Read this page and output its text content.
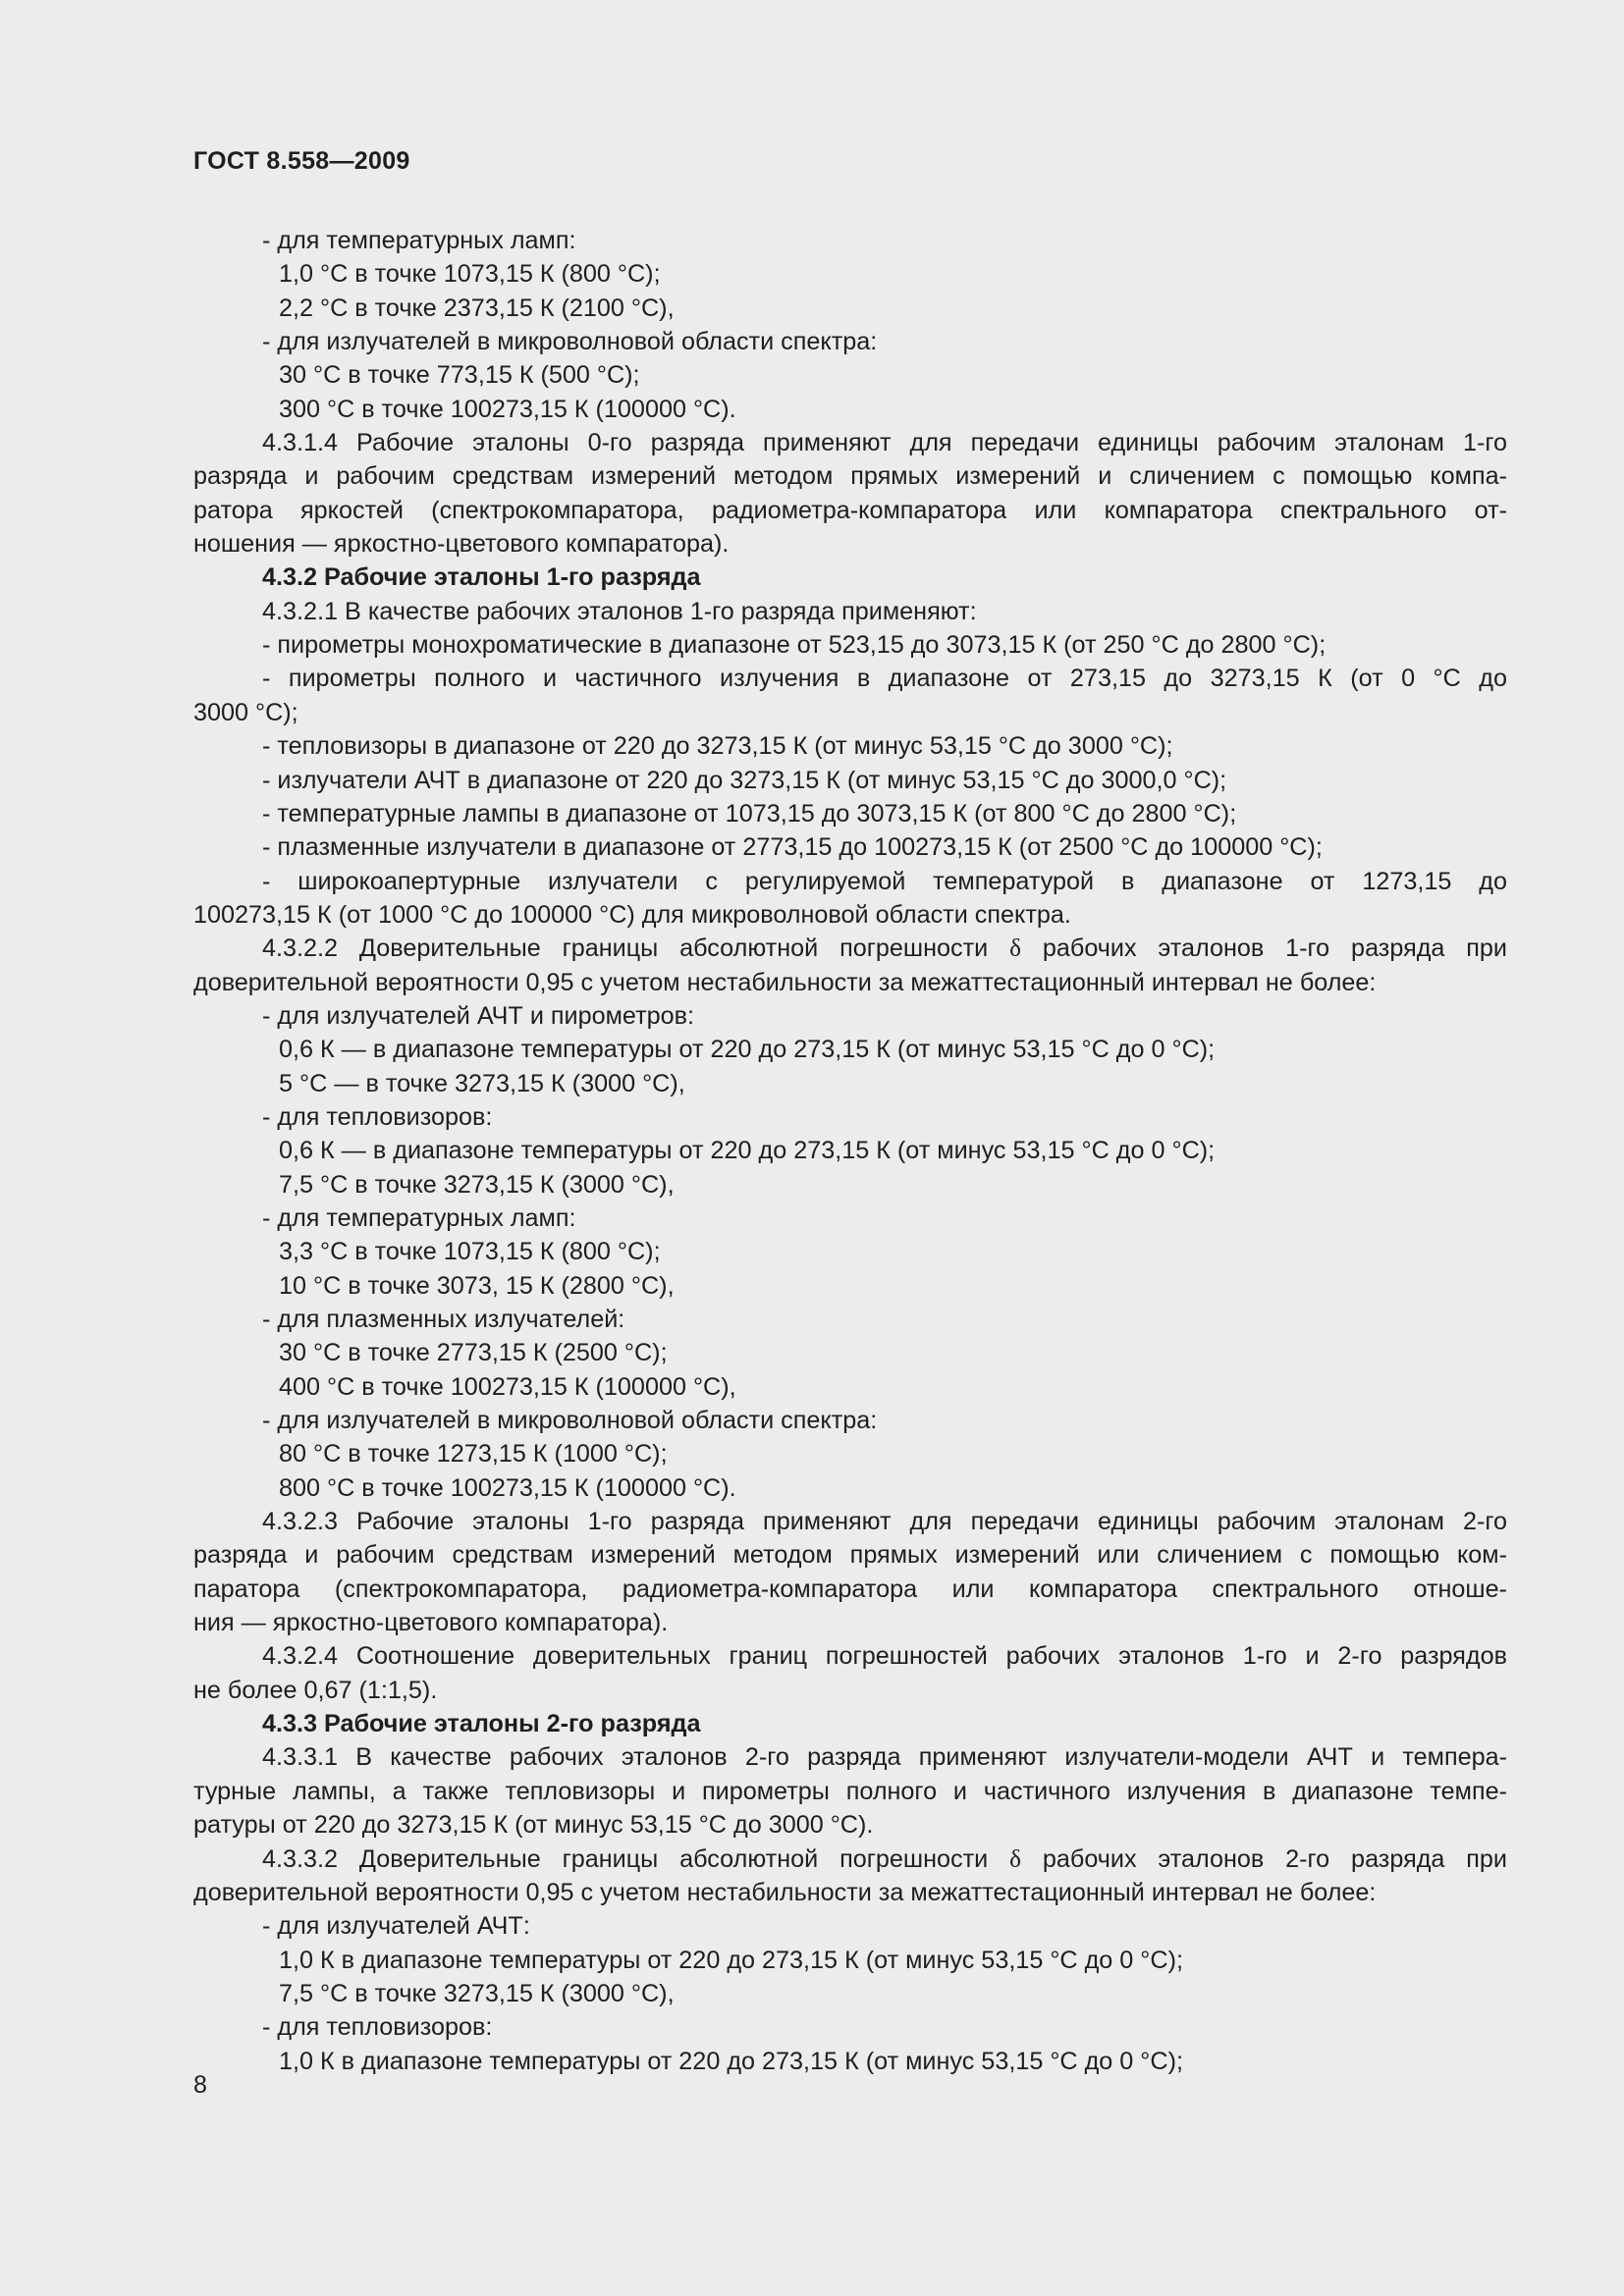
ГОСТ 8.558—2009
- для температурных ламп:
1,0 °С в точке 1073,15 К (800 °С);
2,2 °С в точке 2373,15 К (2100 °С),
- для излучателей в микроволновой области спектра:
30 °С в точке 773,15 К (500 °С);
300 °С в точке 100273,15 К (100000 °С).
4.3.1.4 Рабочие эталоны 0-го разряда применяют для передачи единицы рабочим эталонам 1-го
разряда и рабочим средствам измерений методом прямых измерений и сличением с помощью компа-
ратора яркостей (спектрокомпаратора, радиометра-компаратора или компаратора спектрального от-
ношения — яркостно-цветового компаратора).
4.3.2 Рабочие эталоны 1-го разряда
4.3.2.1 В качестве рабочих эталонов 1-го разряда применяют:
- пирометры монохроматические в диапазоне от 523,15 до 3073,15 К (от 250 °С до 2800 °С);
- пирометры полного и частичного излучения в диапазоне от 273,15 до 3273,15 К (от 0 °С до
3000 °С);
- тепловизоры в диапазоне от 220 до 3273,15 К (от минус 53,15 °С до 3000 °С);
- излучатели АЧТ в диапазоне от 220 до 3273,15 К (от минус 53,15 °С до 3000,0 °С);
- температурные лампы в диапазоне от 1073,15 до 3073,15 К (от 800 °С до 2800 °С);
- плазменные излучатели в диапазоне от 2773,15 до 100273,15 К (от 2500 °С до 100000 °С);
- широкоапертурные излучатели с регулируемой температурой в диапазоне от 1273,15 до
100273,15 К (от 1000 °С до 100000 °С) для микроволновой области спектра.
4.3.2.2 Доверительные границы абсолютной погрешности δ рабочих эталонов 1-го разряда при
доверительной вероятности 0,95 с учетом нестабильности за межаттестационный интервал не более:
- для излучателей АЧТ и пирометров:
0,6 К — в диапазоне температуры от 220 до 273,15 К (от минус 53,15 °С до 0 °С);
5 °С — в точке 3273,15 К (3000 °С),
- для тепловизоров:
0,6 К — в диапазоне температуры от 220 до 273,15 К (от минус 53,15 °С до 0 °С);
7,5 °С в точке 3273,15 К (3000 °С),
- для температурных ламп:
3,3 °С в точке 1073,15 К (800 °С);
10 °С в точке 3073, 15 К (2800 °С),
- для плазменных излучателей:
30 °С в точке 2773,15 К (2500 °С);
400 °С в точке 100273,15 К (100000 °С),
- для излучателей в микроволновой области спектра:
80 °С в точке 1273,15 К (1000 °С);
800 °С в точке 100273,15 К (100000 °С).
4.3.2.3 Рабочие эталоны 1-го разряда применяют для передачи единицы рабочим эталонам 2-го
разряда и рабочим средствам измерений методом прямых измерений или сличением с помощью ком-
паратора (спектрокомпаратора, радиометра-компаратора или компаратора спектрального отноше-
ния — яркостно-цветового компаратора).
4.3.2.4 Соотношение доверительных границ погрешностей рабочих эталонов 1-го и 2-го разрядов
не более 0,67 (1:1,5).
4.3.3 Рабочие эталоны 2-го разряда
4.3.3.1 В качестве рабочих эталонов 2-го разряда применяют излучатели-модели АЧТ и темпера-
турные лампы, а также тепловизоры и пирометры полного и частичного излучения в диапазоне темпе-
ратуры от 220 до 3273,15 К (от минус 53,15 °С до 3000 °С).
4.3.3.2 Доверительные границы абсолютной погрешности δ рабочих эталонов 2-го разряда при
доверительной вероятности 0,95 с учетом нестабильности за межаттестационный интервал не более:
- для излучателей АЧТ:
1,0 К в диапазоне температуры от 220 до 273,15 К (от минус 53,15 °С до 0 °С);
7,5 °С в точке 3273,15 К (3000 °С),
- для тепловизоров:
1,0 К в диапазоне температуры от 220 до 273,15 К (от минус 53,15 °С до 0 °С);
8
